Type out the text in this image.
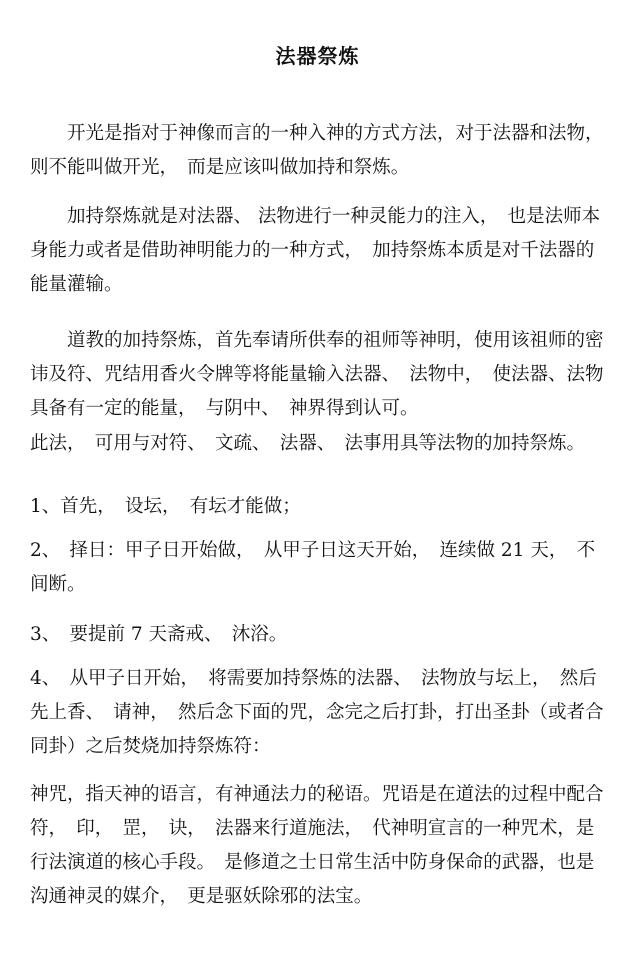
法器祭炼

开光是指对于神像而言的一种入神的方式方法，对于法器和法物，则不能叫做开光，　而是应该叫做加持和祭炼。

加持祭炼就是对法器、 法物进行一种灵能力的注入，　也是法师本身能力或者是借助神明能力的一种方式，　加持祭炼本质是对千法器的能量灌输。

道教的加持祭炼，首先奉请所供奉的祖师等神明，使用该祖师的密讳及符、咒结用香火令牌等将能量输入法器、　法物中，　使法器、法物具备有一定的能量，　与阴中、　神界得到认可。

此法，　可用与对符、　文疏、　法器、　法事用具等法物的加持祭炼。

1、首先，　设坛，　有坛才能做；

2、　择日：甲子日开始做，　从甲子日这天开始，　连续做 21 天，　不间断。

3、　要提前 7 天斋戒、　沐浴。

4、　从甲子日开始，　将需要加持祭炼的法器、　法物放与坛上，　然后先上香、　请神，　然后念下面的咒，念完之后打卦，打出圣卦（或者合同卦）之后焚烧加持祭炼符：

神咒，指天神的语言，有神通法力的秘语。咒语是在道法的过程中配合符，　印，　罡，　诀，　法器来行道施法，　代神明宣言的一种咒术，是行法演道的核心手段。　是修道之士日常生活中防身保命的武器，也是沟通神灵的媒介，　更是驱妖除邪的法宝。
